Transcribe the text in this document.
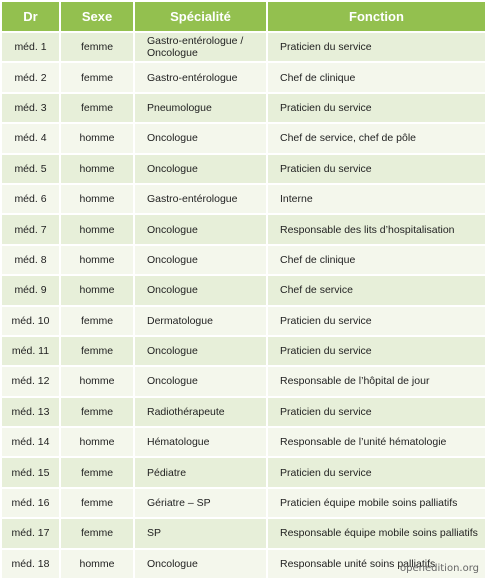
Dr	Sexe	Spécialité	Fonction
méd. 1	femme	Gastro-entérologue / Oncologue	Praticien du service
méd. 2	femme	Gastro-entérologue	Chef de clinique
méd. 3	femme	Pneumologue	Praticien du service
méd. 4	homme	Oncologue	Chef de service, chef de pôle
méd. 5	homme	Oncologue	Praticien du service
méd. 6	homme	Gastro-entérologue	Interne
méd. 7	homme	Oncologue	Responsable des lits d’hospitalisation
méd. 8	homme	Oncologue	Chef de clinique
méd. 9	homme	Oncologue	Chef de service
méd. 10	femme	Dermatologue	Praticien du service
méd. 11	femme	Oncologue	Praticien du service
méd. 12	homme	Oncologue	Responsable de l’hôpital de jour
méd. 13	femme	Radiothérapeute	Praticien du service
méd. 14	homme	Hématologue	Responsable de l’unité hématologie
méd. 15	femme	Pédiatre	Praticien du service
méd. 16	femme	Gériatre – SP	Praticien équipe mobile soins palliatifs
méd. 17	femme	SP	Responsable équipe mobile soins palliatifs
méd. 18	homme	Oncologue	Responsable unité soins palliatifs
openedition.org
